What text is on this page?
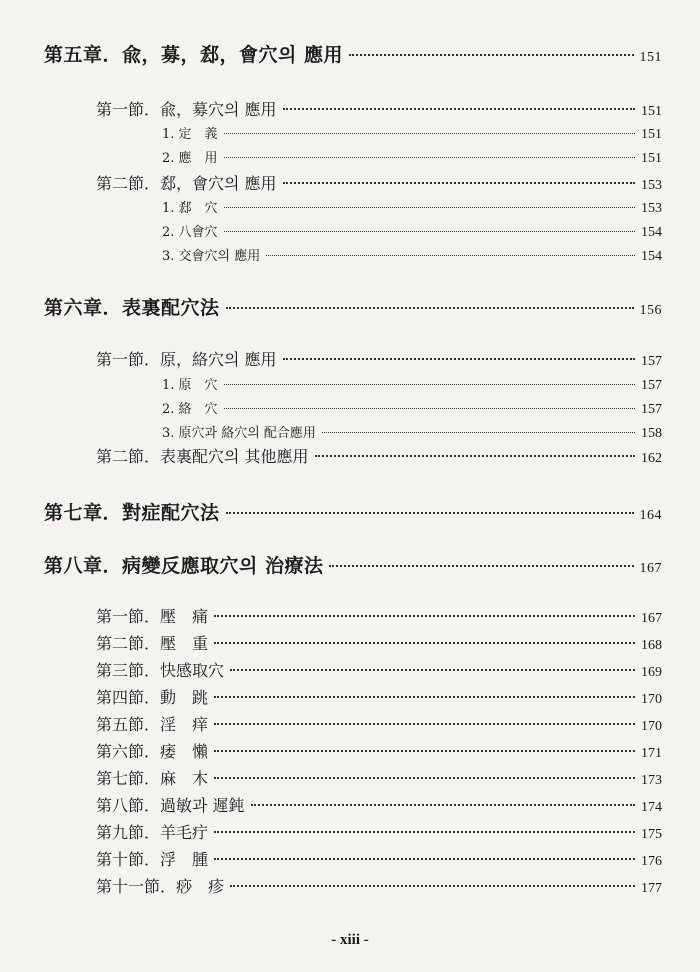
第五章．兪，募，郄，會穴의 應用	151
第一節．兪，募穴의 應用	151
1. 定　義	151
2. 應　用	151
第二節．郄，會穴의 應用	153
1. 郄　穴	153
2. 八會穴	154
3. 交會穴의 應用	154
第六章．表裏配穴法	156
第一節．原，絡穴의 應用	157
1. 原　穴	157
2. 絡　穴	157
3. 原穴과 絡穴의 配合應用	158
第二節．表裏配穴의 其他應用	162
第七章．對症配穴法	164
第八章．病變反應取穴의 治療法	167
第一節．壓　痛	167
第二節．壓　重	168
第三節．快感取穴	169
第四節．動　跳	170
第五節．淫　痒	170
第六節．痿　懶	171
第七節．麻　木	173
第八節．過敏과 遲鈍	174
第九節．羊毛疔	175
第十節．浮　腫	176
第十一節．痧　疹	177
- xiii -
